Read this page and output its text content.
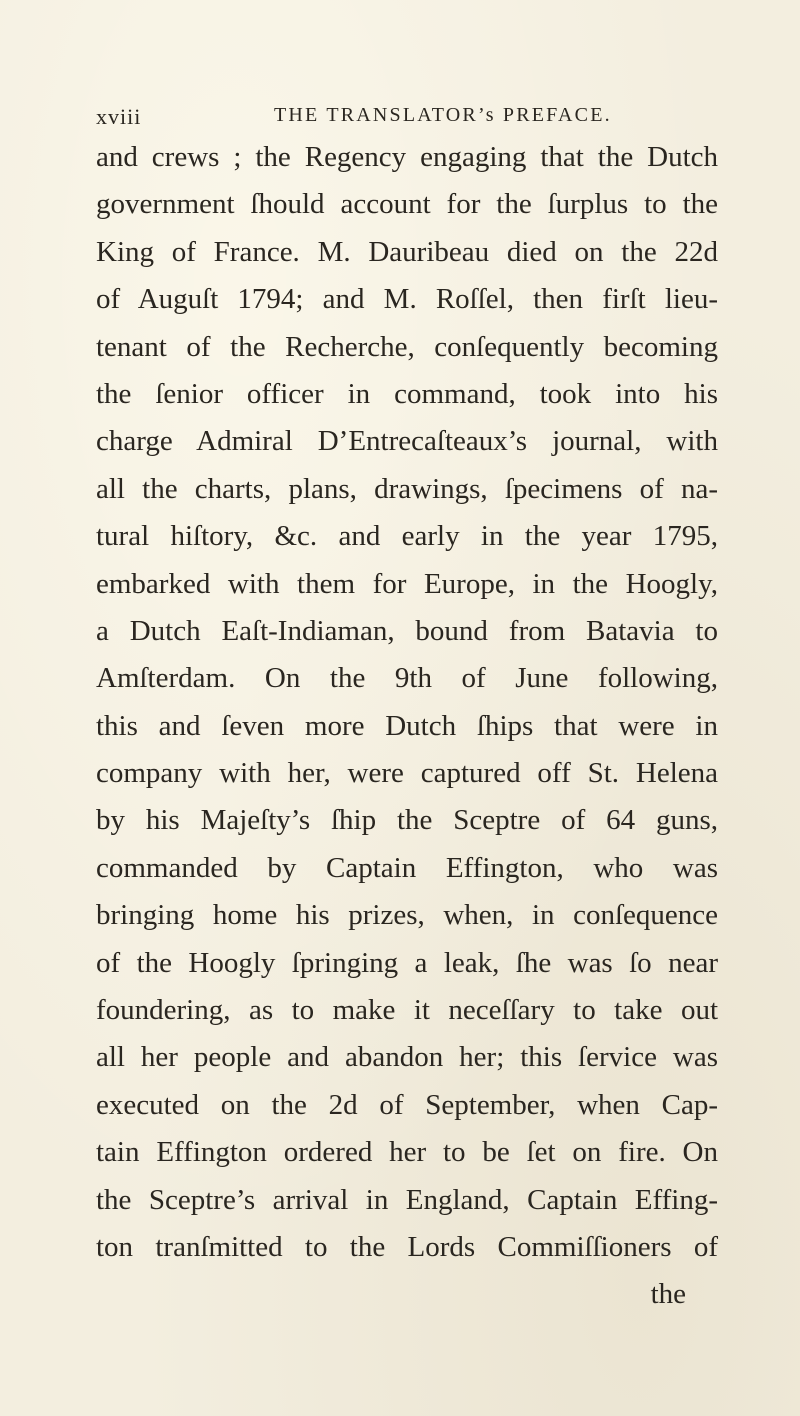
xviii	THE TRANSLATOR’s PREFACE.
and crews ; the Regency engaging that the Dutch
government ſhould account for the ſurplus to the
King of France. M. Dauribeau died on the 22d
of Auguſt 1794; and M. Roſſel, then firſt lieu-
tenant of the Recherche, conſequently becoming
the ſenior officer in command, took into his
charge Admiral D’Entrecaſteaux’s journal, with
all the charts, plans, drawings, ſpecimens of na-
tural hiſtory, &c. and early in the year 1795,
embarked with them for Europe, in the Hoogly,
a Dutch Eaſt-Indiaman, bound from Batavia to
Amſterdam. On the 9th of June following,
this and ſeven more Dutch ſhips that were in
company with her, were captured off St. Helena
by his Majeſty’s ſhip the Sceptre of 64 guns,
commanded by Captain Effington, who was
bringing home his prizes, when, in conſequence
of the Hoogly ſpringing a leak, ſhe was ſo near
foundering, as to make it neceſſary to take out
all her people and abandon her; this ſervice was
executed on the 2d of September, when Cap-
tain Effington ordered her to be ſet on fire. On
the Sceptre’s arrival in England, Captain Effing-
ton tranſmitted to the Lords Commiſſioners of
the
